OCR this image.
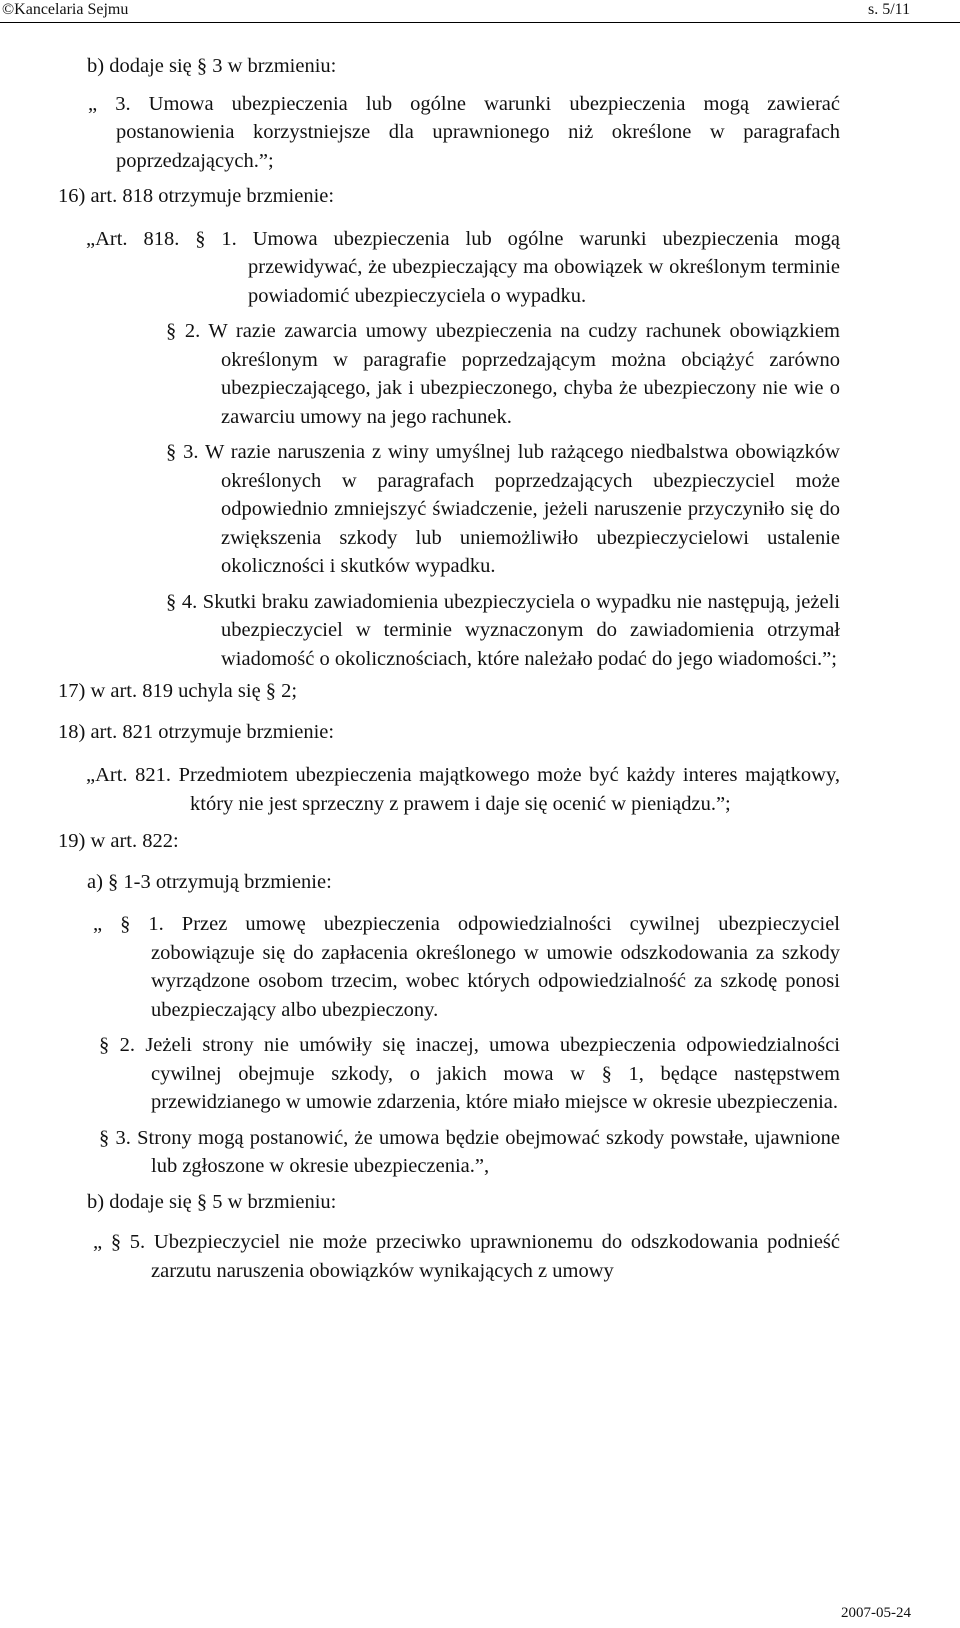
©Kancelaria Sejmu	s. 5/11
b) dodaje się § 3 w brzmieniu:
„ 3. Umowa ubezpieczenia lub ogólne warunki ubezpieczenia mogą zawierać postanowienia korzystniejsze dla uprawnionego niż określone w paragrafach poprzedzających.”;
16) art. 818 otrzymuje brzmienie:
„Art. 818. § 1. Umowa ubezpieczenia lub ogólne warunki ubezpieczenia mogą przewidywać, że ubezpieczający ma obowiązek w określonym terminie powiadomić ubezpieczyciela o wypadku.
§ 2. W razie zawarcia umowy ubezpieczenia na cudzy rachunek obowiązkiem określonym w paragrafie poprzedzającym można obciążyć zarówno ubezpieczającego, jak i ubezpieczonego, chyba że ubezpieczony nie wie o zawarciu umowy na jego rachunek.
§ 3. W razie naruszenia z winy umyślnej lub rażącego niedbalstwa obowiązków określonych w paragrafach poprzedzających ubezpieczyciel może odpowiednio zmniejszyć świadczenie, jeżeli naruszenie przyczyniło się do zwiększenia szkody lub uniemożliwiło ubezpieczycielowi ustalenie okoliczności i skutków wypadku.
§ 4. Skutki braku zawiadomienia ubezpieczyciela o wypadku nie następują, jeżeli ubezpieczyciel w terminie wyznaczonym do zawiadomienia otrzymał wiadomość o okolicznościach, które należało podać do jego wiadomości.”;
17) w art. 819 uchyla się § 2;
18) art. 821 otrzymuje brzmienie:
„Art. 821. Przedmiotem ubezpieczenia majątkowego może być każdy interes majątkowy, który nie jest sprzeczny z prawem i daje się ocenić w pieniądzu.”;
19) w art. 822:
a) § 1-3 otrzymują brzmienie:
„ § 1. Przez umowę ubezpieczenia odpowiedzialności cywilnej ubezpieczyciel zobowiązuje się do zapłacenia określonego w umowie odszkodowania za szkody wyrządzone osobom trzecim, wobec których odpowiedzialność za szkodę ponosi ubezpieczający albo ubezpieczony.
§ 2. Jeżeli strony nie umówiły się inaczej, umowa ubezpieczenia odpowiedzialności cywilnej obejmuje szkody, o jakich mowa w § 1, będące następstwem przewidzianego w umowie zdarzenia, które miało miejsce w okresie ubezpieczenia.
§ 3. Strony mogą postanowić, że umowa będzie obejmować szkody powstałe, ujawnione lub zgłoszone w okresie ubezpieczenia.”,
b) dodaje się § 5 w brzmieniu:
„ § 5. Ubezpieczyciel nie może przeciwko uprawnionemu do odszkodowania podnieść zarzutu naruszenia obowiązków wynikających z umowy
2007-05-24
